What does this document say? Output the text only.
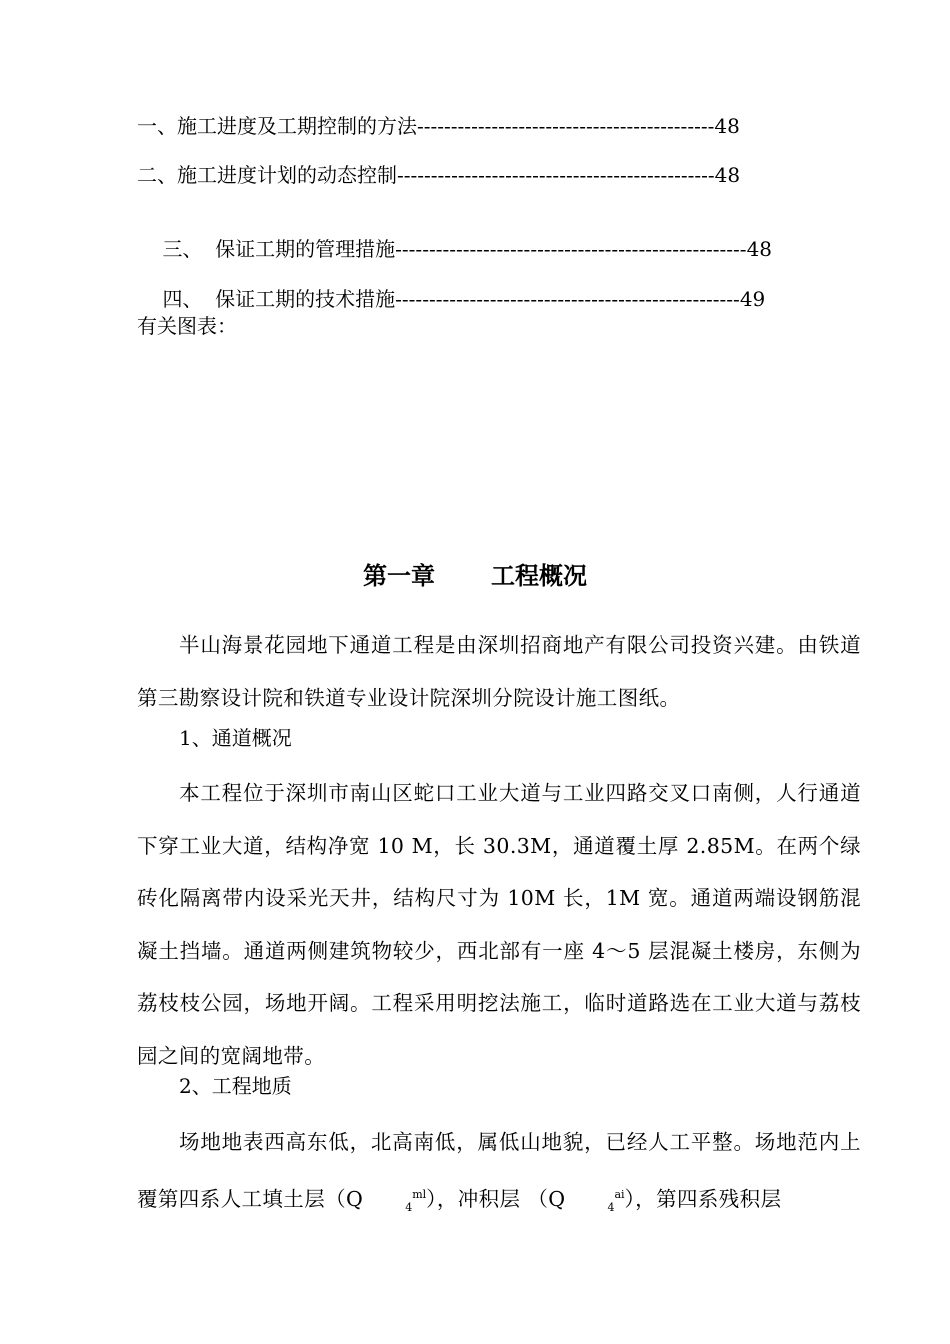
一、施工进度及工期控制的方法--------------------------------------------48
二、施工进度计划的动态控制-----------------------------------------------48

三、  保证工期的管理措施----------------------------------------------------48

四、  保证工期的技术措施---------------------------------------------------49

有关图表：
第一章 工程概况
半山海景花园地下通道工程是由深圳招商地产有限公司投资兴建。由铁道第三勘察设计院和铁道专业设计院深圳分院设计施工图纸。
1、通道概况
本工程位于深圳市南山区蛇口工业大道与工业四路交叉口南侧，人行通道下穿工业大道，结构净宽 10 M，长 30.3M，通道覆土厚 2.85M。在两个绿砖化隔离带内设采光天井，结构尺寸为 10M 长，1M 宽。通道两端设钢筋混凝土挡墙。通道两侧建筑物较少，西北部有一座 4～5 层混凝土楼房，东侧为荔枝枝公园，场地开阔。工程采用明挖法施工，临时道路选在工业大道与荔枝园之间的宽阔地带。
2、工程地质
场地地表西高东低，北高南低，属低山地貌，已经人工平整。场地范内上覆第四系人工填土层（Q	$_4^{ml}$），冲积层 （Q	$_4^{ai}$），第四系残积层
